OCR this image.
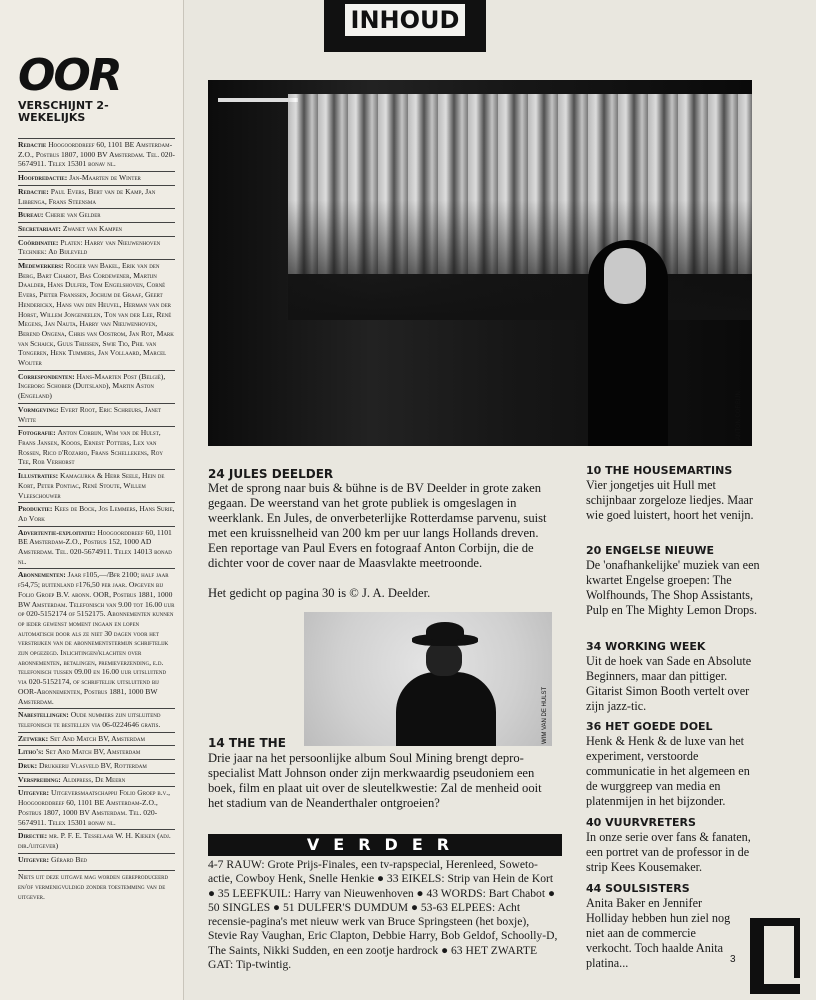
OOR
VERSCHIJNT 2-WEKELIJKS
Redactie Hoogoorddreef 60, 1101 BE Amsterdam-Z.O., Postbus 1807, 1000 BV Amsterdam. Tel. 020-5674911. Telex 15301 bonav nl.
Hoofdredactie: Jan-Maarten de Winter
Redactie: Paul Evers, Bert van de Kamp, Jan Libbenga, Frans Steensma
Bureau: Cherie van Gelder
Secretariaat: Zwanet van Kampen
Coördinatie: Platen: Harry van Nieuwenhoven Techniek: Ad Bijleveld
Medewerkers: Rogier van Bakel, Erik van den Berg, Bart Chabot, Bas Cordewener, Martijn Daalder, Hans Dulfer, Tom Engelshoven, Corné Evers, Pieter Franssen, Jochum de Graaf, Geert Henderickx, Hans van den Heuvel, Herman van der Horst, Willem Jongeneelen, Ton van der Lee, René Megens, Jan Nauta, Harry van Nieuwenhoven, Berend Ongena, Chris van Oostrom, Jan Rot, Mark van Schaick, Guus Thijssen, Swie Tio, Phil van Tongeren, Henk Tummers, Jan Vollaard, Marcel Wouter
Correspondenten: Hans-Maarten Post (België), Ingeborg Schober (Duitsland), Martin Aston (Engeland)
Vormgeving: Evert Root, Eric Schreurs, Janet Witte
Fotografie: Anton Corbijn, Wim van de Hulst, Frans Jansen, Kooos, Ernest Potters, Lex van Rossen, Rico d'Rozario, Frans Schellekens, Roy Tee, Rob Verhorst
Illustraties: Kamagurka & Herr Seele, Hein de Kort, Peter Pontiac, René Stoute, Willem Vleeschouwer
Produktie: Kees de Bock, Jos Lemmers, Hans Surie, Ad Vork
Advertentie-exploitatie: Hoogoorddreef 60, 1101 BE Amsterdam-Z.O., Postbus 152, 1000 AD Amsterdam. Tel. 020-5674911. Telex 14013 bonad nl.
Abonnementen: Jaar f105,—/Bfr 2100; half jaar f54,75; buitenland f176,50 per jaar. Opgeven bij Folio Groep B.V. abonn. OOR, Postbus 1881, 1000 BW Amsterdam. Telefonisch van 9.00 tot 16.00 uur op 020-5152174 of 5152175. Abonnementen kunnen op ieder gewenst moment ingaan en lopen automatisch door als ze niet 30 dagen voor het verstrijken van de abonnementstermijn schriftelijk zijn opgezegd. Inlichtingen/klachten over abonnementen, betalingen, premieverzending, e.d. telefonisch tussen 09.00 en 16.00 uur uitsluitend via 020-5152174, of schriftelijk uitsluitend bij OOR-Abonnementen, Postbus 1881, 1000 BW Amsterdam.
Nabestellingen: Oude nummers zijn uitsluitend telefonisch te bestellen via 06-0224646 gratis.
Zetwerk: Set And Match BV, Amsterdam
Litho's: Set And Match BV, Amsterdam
Druk: Drukkerij Vlasveld BV, Rotterdam
Verspreiding: Aldipress, De Meern
Uitgever: Uitgeversmaatschappij Folio Groep b.v., Hoogoorddreef 60, 1101 BE Amsterdam-Z.O., Postbus 1807, 1000 BV Amsterdam. Tel. 020-5674911. Telex 15301 bonav nl.
Directie: mr. P. F. E. Tesselaar W. H. Kieken (adj. dir./uitgever)
Uitgever: Gérard Bed
Niets uit deze uitgave mag worden gereproduceerd en/of vermenigvuldigd zonder toestemming van de uitgever.
INHOUD
ANTON CORBIJN
24 JULES DEELDER
Met de sprong naar buis & bühne is de BV Deelder in grote zaken gegaan. De weerstand van het grote publiek is omgeslagen in weerklank. En Jules, de onverbeterlijke Rotterdamse parvenu, suist met een kruissnelheid van 200 km per uur langs Hollands dreven. Een reportage van Paul Evers en fotograaf Anton Corbijn, die de dichter voor de cover naar de Maasvlakte meetroonde.
Het gedicht op pagina 30 is © J. A. Deelder.
WIM VAN DE HULST
14 THE THE
Drie jaar na het persoonlijke album Soul Mining brengt depro-specialist Matt Johnson onder zijn merkwaardig pseudoniem een boek, film en plaat uit over de sleutelkwestie: Zal de menheid ooit het stadium van de Neanderthaler ontgroeien?
10 THE HOUSEMARTINS
Vier jongetjes uit Hull met schijnbaar zorgeloze liedjes. Maar wie goed luistert, hoort het venijn.
20 ENGELSE NIEUWE
De 'onafhankelijke' muziek van een kwartet Engelse groepen: The Wolfhounds, The Shop Assistants, Pulp en The Mighty Lemon Drops.
34 WORKING WEEK
Uit de hoek van Sade en Absolute Beginners, maar dan pittiger. Gitarist Simon Booth vertelt over zijn jazz-tic.
36 HET GOEDE DOEL
Henk & Henk & de luxe van het experiment, verstoorde communicatie in het algemeen en de wurggreep van media en platenmijen in het bijzonder.
40 VUURVRETERS
In onze serie over fans & fanaten, een portret van de professor in de strip Kees Kousemaker.
44 SOULSISTERS
Anita Baker en Jennifer Holliday hebben hun ziel nog niet aan de commercie verkocht. Toch haalde Anita platina...
VERDER
4-7 RAUW: Grote Prijs-Finales, een tv-rapspecial, Herenleed, Soweto-actie, Cowboy Henk, Snelle Henkie ● 33 EIKELS: Strip van Hein de Kort ● 35 LEEFKUIL: Harry van Nieuwenhoven ● 43 WORDS: Bart Chabot ● 50 SINGLES ● 51 DULFER'S DUMDUM ● 53-63 ELPEES: Acht recensie-pagina's met nieuw werk van Bruce Springsteen (het boxje), Stevie Ray Vaughan, Eric Clapton, Debbie Harry, Bob Geldof, Schoolly-D, The Saints, Nikki Sudden, en een zootje hardrock ● 63 HET ZWARTE GAT: Tip-twintig.	3
